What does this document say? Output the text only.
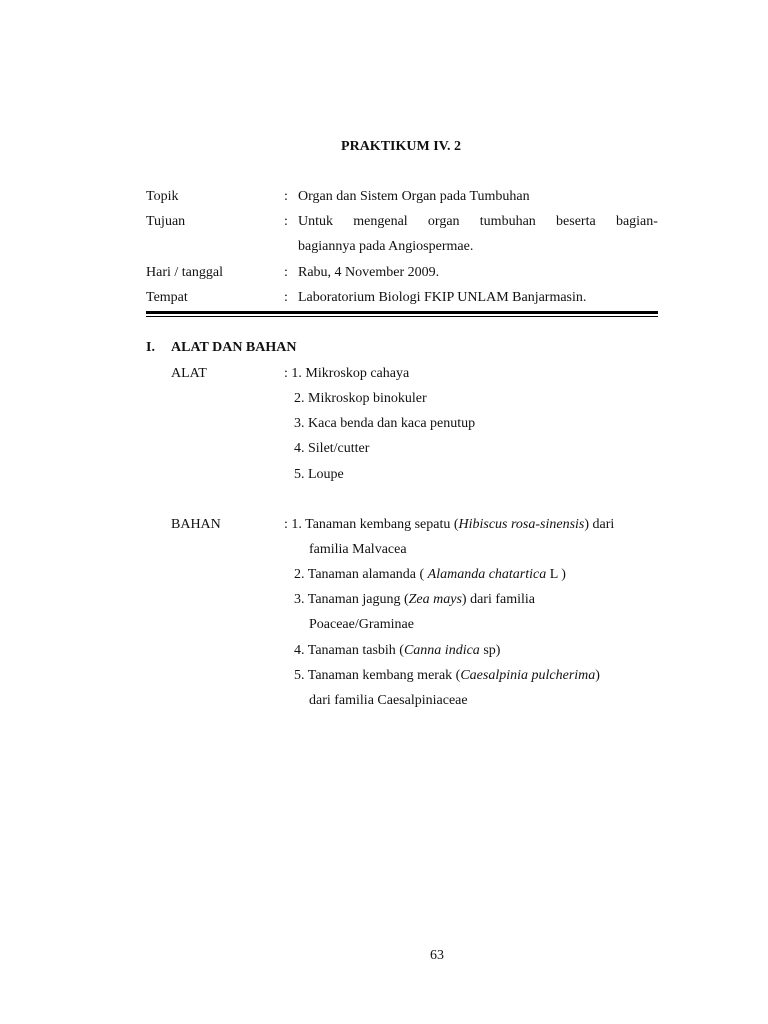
PRAKTIKUM IV. 2
Topik	: Organ dan Sistem Organ pada Tumbuhan
Tujuan	: Untuk mengenal organ tumbuhan beserta bagian-
bagiannya pada Angiospermae.
Hari / tanggal	: Rabu, 4 November 2009.
Tempat	: Laboratorium Biologi FKIP UNLAM Banjarmasin.
I. ALAT DAN BAHAN
ALAT	: 1. Mikroskop cahaya
2. Mikroskop binokuler
3. Kaca benda dan kaca penutup
4. Silet/cutter
5. Loupe
BAHAN	: 1. Tanaman kembang sepatu (Hibiscus rosa-sinensis) dari
familia Malvacea
2. Tanaman alamanda ( Alamanda chatartica L )
3. Tanaman jagung (Zea mays) dari familia
Poaceae/Graminae
4. Tanaman tasbih (Canna indica sp)
5. Tanaman kembang merak (Caesalpinia pulcherima)
dari familia Caesalpiniaceae
63
